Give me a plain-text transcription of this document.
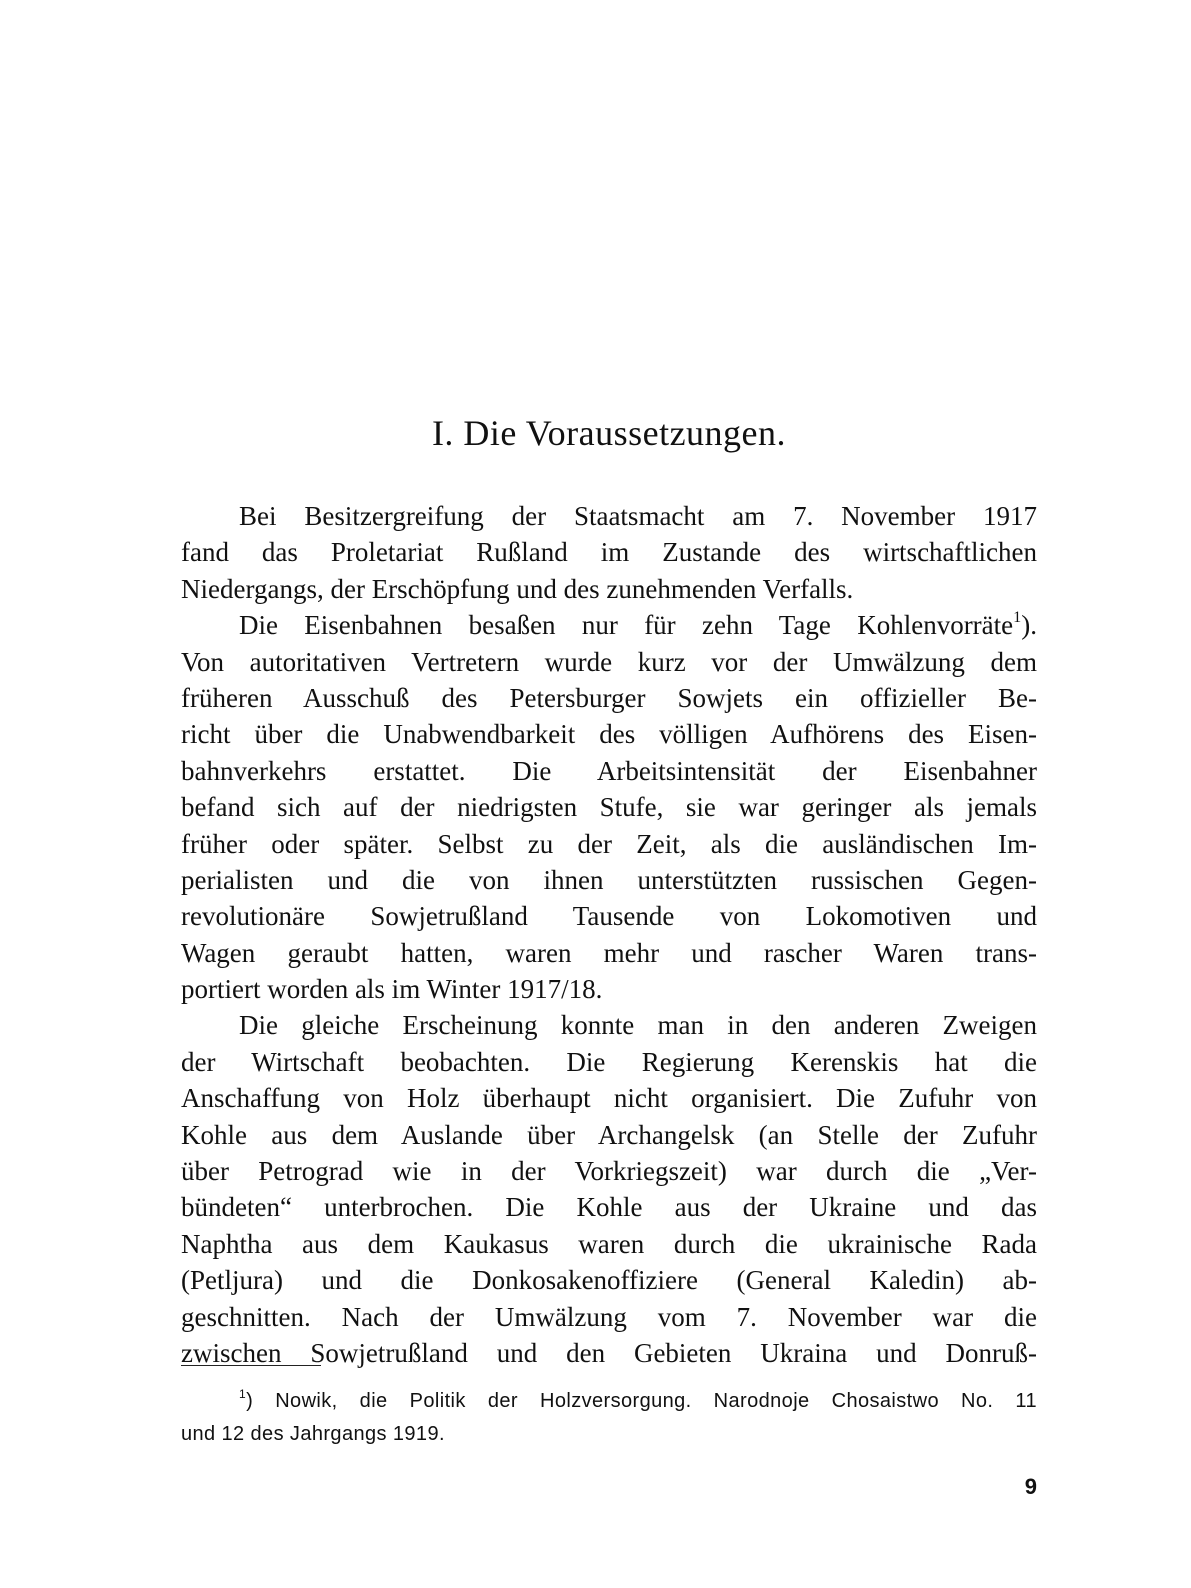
I. Die Voraussetzungen.
Bei Besitzergreifung der Staatsmacht am 7. November 1917
fand das Proletariat Rußland im Zustande des wirtschaftlichen
Niedergangs, der Erschöpfung und des zunehmenden Verfalls.
Die Eisenbahnen besaßen nur für zehn Tage Kohlenvorräte$^1$).
Von autoritativen Vertretern wurde kurz vor der Umwälzung dem
früheren Ausschuß des Petersburger Sowjets ein offizieller Be-
richt über die Unabwendbarkeit des völligen Aufhörens des Eisen-
bahnverkehrs erstattet. Die Arbeitsintensität der Eisenbahner
befand sich auf der niedrigsten Stufe, sie war geringer als jemals
früher oder später. Selbst zu der Zeit, als die ausländischen Im-
perialisten und die von ihnen unterstützten russischen Gegen-
revolutionäre Sowjetrußland Tausende von Lokomotiven und
Wagen geraubt hatten, waren mehr und rascher Waren trans-
portiert worden als im Winter 1917/18.
Die gleiche Erscheinung konnte man in den anderen Zweigen
der Wirtschaft beobachten. Die Regierung Kerenskis hat die
Anschaffung von Holz überhaupt nicht organisiert. Die Zufuhr von
Kohle aus dem Auslande über Archangelsk (an Stelle der Zufuhr
über Petrograd wie in der Vorkriegszeit) war durch die „Ver-
bündeten“ unterbrochen. Die Kohle aus der Ukraine und das
Naphtha aus dem Kaukasus waren durch die ukrainische Rada
(Petljura) und die Donkosakenoffiziere (General Kaledin) ab-
geschnitten. Nach der Umwälzung vom 7. November war die
zwischen Sowjetrußland und den Gebieten Ukraina und Donruß-
$^1$) Nowik, die Politik der Holzversorgung. Narodnoje Chosaistwo No. 11
und 12 des Jahrgangs 1919.
9
